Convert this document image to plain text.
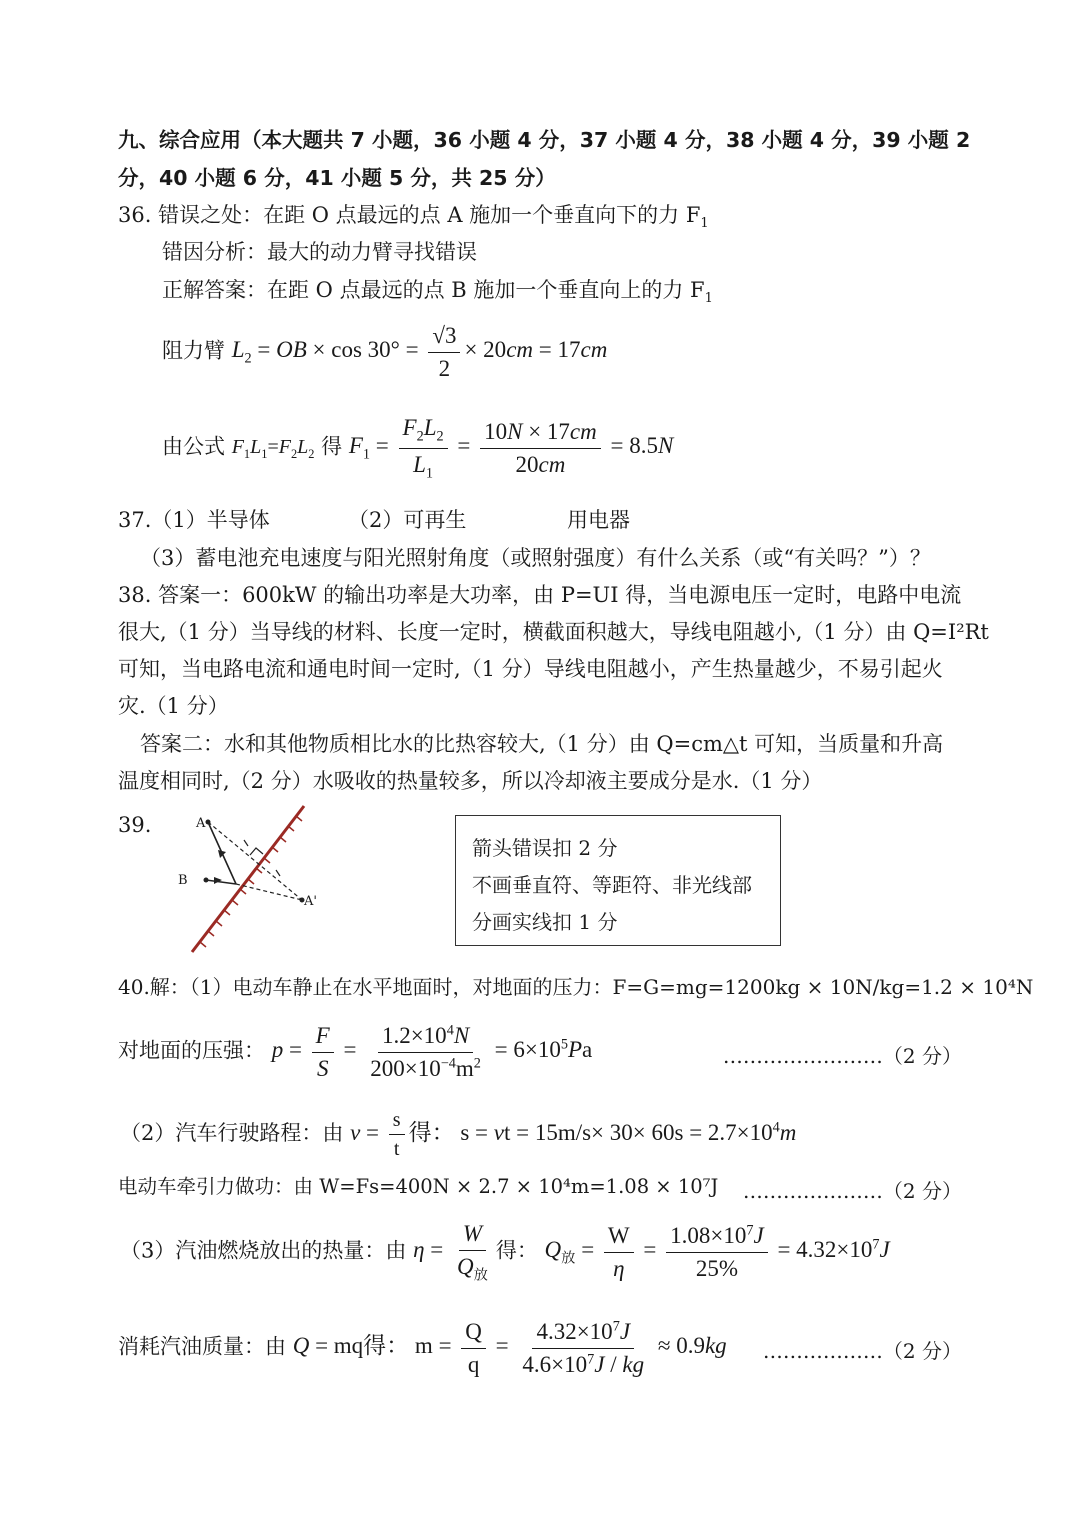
九、综合应用（本大题共 7 小题，36 小题 4 分，37 小题 4 分，38 小题 4 分，39 小题 2
分，40 小题 6 分，41 小题 5 分，共 25 分）
36. 错误之处：在距 O 点最远的点 A 施加一个垂直向下的力 $F_1$
错因分析：最大的动力臂寻找错误
正解答案：在距 O 点最远的点 B 施加一个垂直向上的力 $F_1$
阻力臂 $L_2$ = OB × $\cos 30^\circ = \frac{√3}{2} \times 20cm = 17cm$
由公式 $F_1L_1=F_2L_2$ 得 $F_1 = \frac{F_2L_2}{L_1} = \frac{10N \times 17cm}{20cm} = 8.5N$
37.（1）半导体	（2）可再生	用电器
（3）蓄电池充电速度与阳光照射角度（或照射强度）有什么关系（或“有关吗？”）？
38. 答案一：600kW 的输出功率是大功率，由 P=UI 得，当电源电压一定时，电路中电流
很大,（1 分）当导线的材料、长度一定时，横截面积越大，导线电阻越小,（1 分）由 Q=I²Rt
可知，当电路电流和通电时间一定时,（1 分）导线电阻越小，产生热量越少，不易引起火
灾.（1 分）
答案二：水和其他物质相比水的比热容较大,（1 分）由 Q=cm△t 可知，当质量和升高
温度相同时,（2 分）水吸收的热量较多，所以冷却液主要成分是水.（1 分）
39.	A
B
A'
箭头错误扣 2 分
不画垂直符、等距符、非光线部
分画实线扣 1 分
40.解：（1）电动车静止在水平地面时，对地面的压力：F=G=mg=1200kg × 10N/kg=1.2 × 10⁴N
对地面的压强： $p = \frac{F}{S} = \frac{1.2\times 10^4N}{200\times 10^{-4}m^2} = 6\times 10^5Pa$	……………………（2 分）
（2）汽车行驶路程：由 $v = \frac{s}{t}$ 得： s = vt = $15m/s\times 30\times 60s = 2.7\times 10^4m$
电动车牵引力做功：由 W=Fs=400N × 2.7 × 10⁴m=1.08 × 10⁷J …………………（2 分）
（3）汽油燃烧放出的热量：由 $\eta = \frac{W}{Q_放}$ 得： $Q_放 = \frac{W}{\eta} = \frac{1.08\times 10^7J}{25\%} = 4.32\times 10^7J$
消耗汽油质量：由 Q = mq得： $m = \frac{Q}{q} = \frac{4.32\times 10^7J}{4.6\times 10^7J / kg} \approx 0.9kg$ ………………（2 分）
